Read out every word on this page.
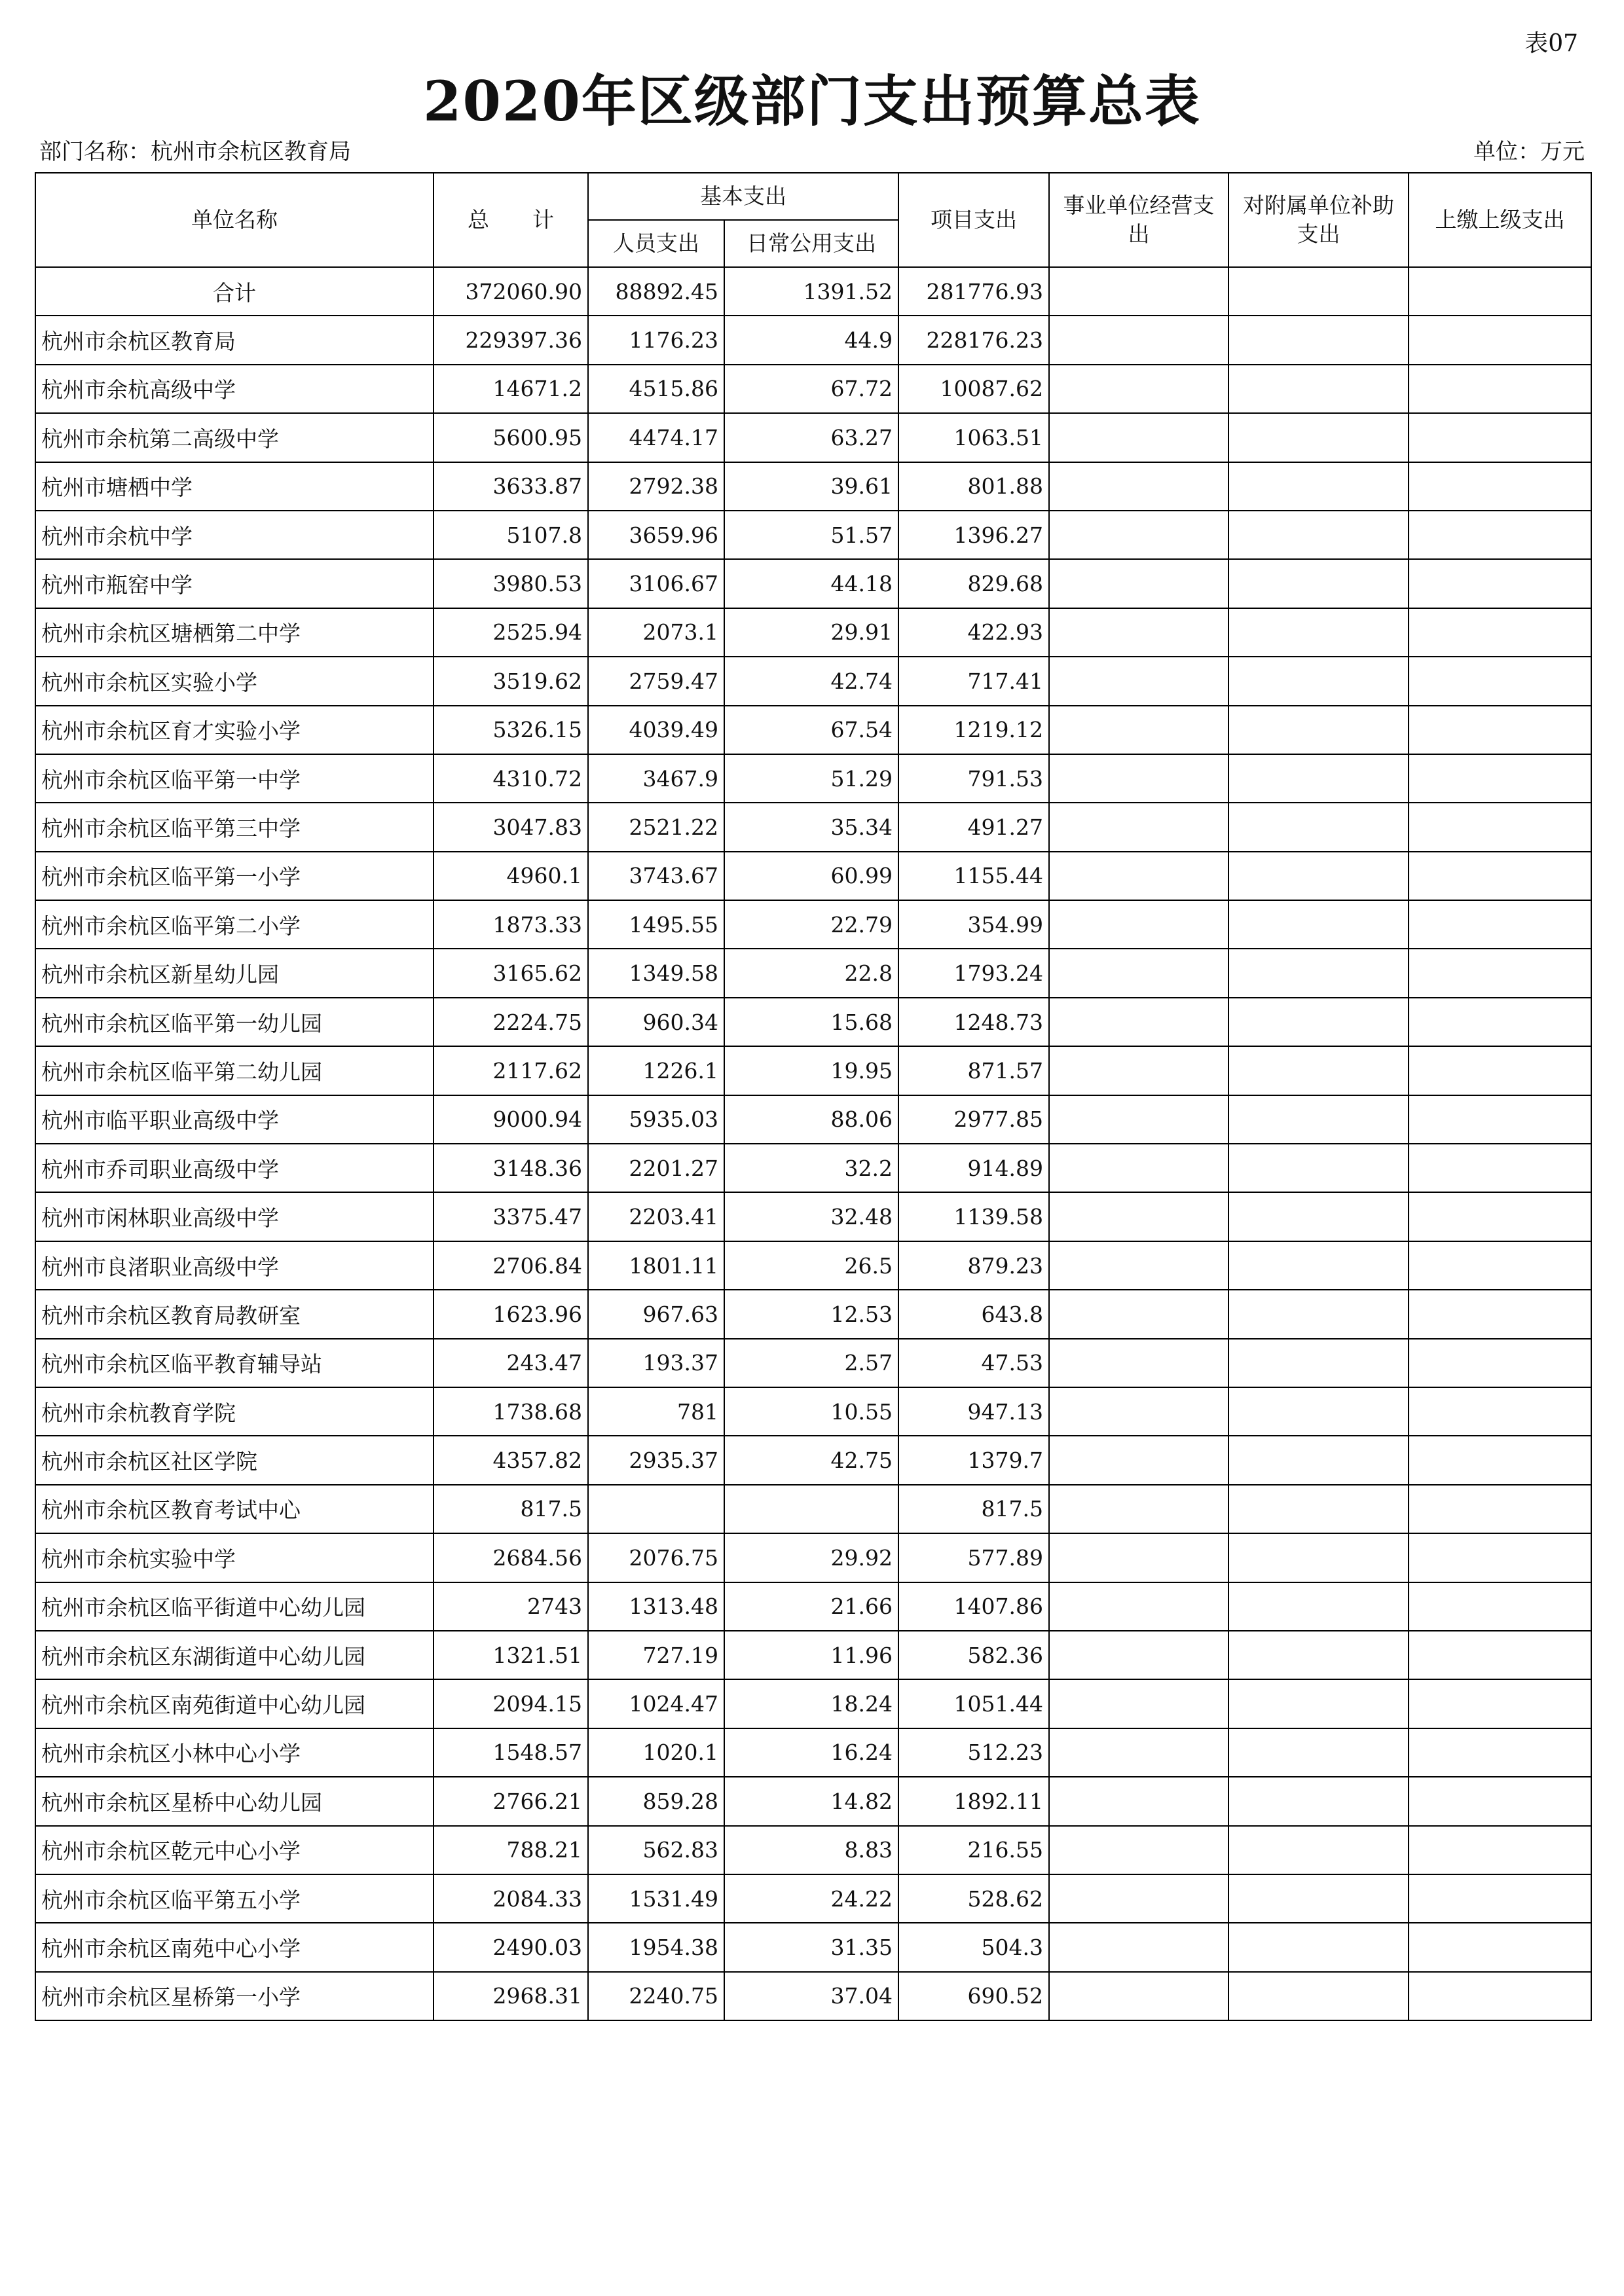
表07
2020年区级部门支出预算总表
部门名称：杭州市余杭区教育局	单位：万元
单位名称	总　　计	基本支出		项目支出	事业单位经营支出	对附属单位补助支出	上缴上级支出
		人员支出	日常公用支出				
合计	372060.90	88892.45	1391.52	281776.93			
杭州市余杭区教育局	229397.36	1176.23	44.9	228176.23			
杭州市余杭高级中学	14671.2	4515.86	67.72	10087.62			
杭州市余杭第二高级中学	5600.95	4474.17	63.27	1063.51			
杭州市塘栖中学	3633.87	2792.38	39.61	801.88			
杭州市余杭中学	5107.8	3659.96	51.57	1396.27			
杭州市瓶窑中学	3980.53	3106.67	44.18	829.68			
杭州市余杭区塘栖第二中学	2525.94	2073.1	29.91	422.93			
杭州市余杭区实验小学	3519.62	2759.47	42.74	717.41			
杭州市余杭区育才实验小学	5326.15	4039.49	67.54	1219.12			
杭州市余杭区临平第一中学	4310.72	3467.9	51.29	791.53			
杭州市余杭区临平第三中学	3047.83	2521.22	35.34	491.27			
杭州市余杭区临平第一小学	4960.1	3743.67	60.99	1155.44			
杭州市余杭区临平第二小学	1873.33	1495.55	22.79	354.99			
杭州市余杭区新星幼儿园	3165.62	1349.58	22.8	1793.24			
杭州市余杭区临平第一幼儿园	2224.75	960.34	15.68	1248.73			
杭州市余杭区临平第二幼儿园	2117.62	1226.1	19.95	871.57			
杭州市临平职业高级中学	9000.94	5935.03	88.06	2977.85			
杭州市乔司职业高级中学	3148.36	2201.27	32.2	914.89			
杭州市闲林职业高级中学	3375.47	2203.41	32.48	1139.58			
杭州市良渚职业高级中学	2706.84	1801.11	26.5	879.23			
杭州市余杭区教育局教研室	1623.96	967.63	12.53	643.8			
杭州市余杭区临平教育辅导站	243.47	193.37	2.57	47.53			
杭州市余杭教育学院	1738.68	781	10.55	947.13			
杭州市余杭区社区学院	4357.82	2935.37	42.75	1379.7			
杭州市余杭区教育考试中心	817.5			817.5			
杭州市余杭实验中学	2684.56	2076.75	29.92	577.89			
杭州市余杭区临平街道中心幼儿园	2743	1313.48	21.66	1407.86			
杭州市余杭区东湖街道中心幼儿园	1321.51	727.19	11.96	582.36			
杭州市余杭区南苑街道中心幼儿园	2094.15	1024.47	18.24	1051.44			
杭州市余杭区小林中心小学	1548.57	1020.1	16.24	512.23			
杭州市余杭区星桥中心幼儿园	2766.21	859.28	14.82	1892.11			
杭州市余杭区乾元中心小学	788.21	562.83	8.83	216.55			
杭州市余杭区临平第五小学	2084.33	1531.49	24.22	528.62			
杭州市余杭区南苑中心小学	2490.03	1954.38	31.35	504.3			
杭州市余杭区星桥第一小学	2968.31	2240.75	37.04	690.52			
